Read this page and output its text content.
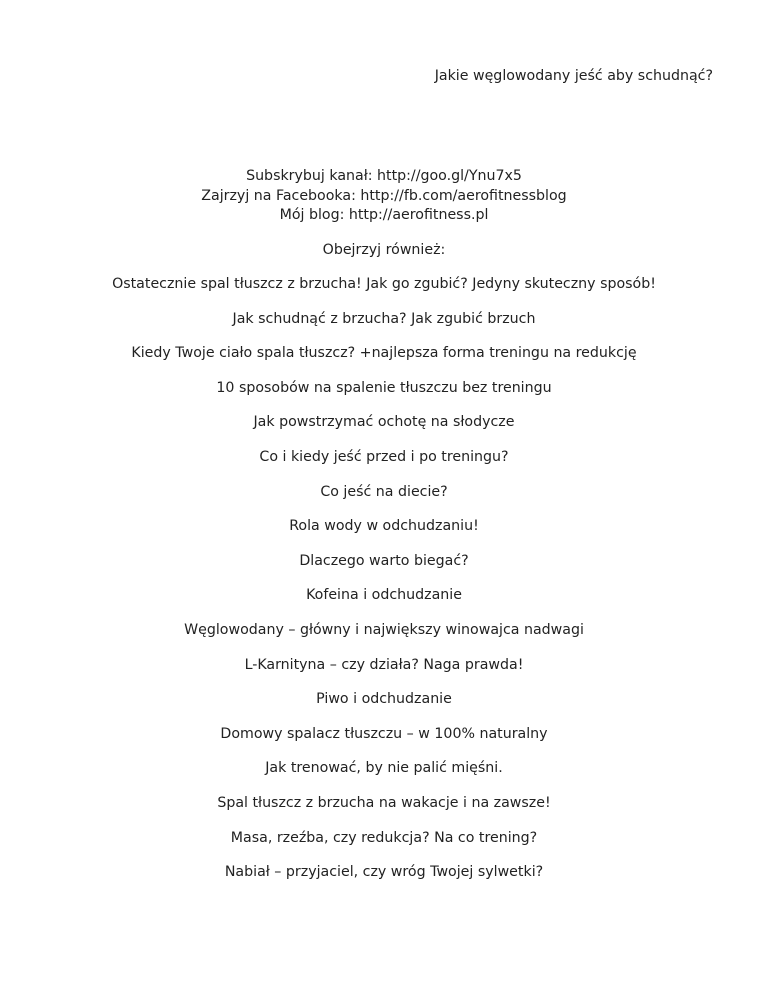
Jakie węglowodany jeść aby schudnąć?
Subskrybuj kanał: http://goo.gl/Ynu7x5
Zajrzyj na Facebooka: http://fb.com/aerofitnessblog
Mój blog: http://aerofitness.pl
Obejrzyj również:
Ostatecznie spal tłuszcz z brzucha! Jak go zgubić? Jedyny skuteczny sposób!
Jak schudnąć z brzucha? Jak zgubić brzuch
Kiedy Twoje ciało spala tłuszcz? +najlepsza forma treningu na redukcję
10 sposobów na spalenie tłuszczu bez treningu
Jak powstrzymać ochotę na słodycze
Co i kiedy jeść przed i po treningu?
Co jeść na diecie?
Rola wody w odchudzaniu!
Dlaczego warto biegać?
Kofeina i odchudzanie
Węglowodany – główny i największy winowajca nadwagi
L-Karnityna – czy działa? Naga prawda!
Piwo i odchudzanie
Domowy spalacz tłuszczu – w 100% naturalny
Jak trenować, by nie palić mięśni.
Spal tłuszcz z brzucha na wakacje i na zawsze!
Masa, rzeźba, czy redukcja? Na co trening?
Nabiał – przyjaciel, czy wróg Twojej sylwetki?
